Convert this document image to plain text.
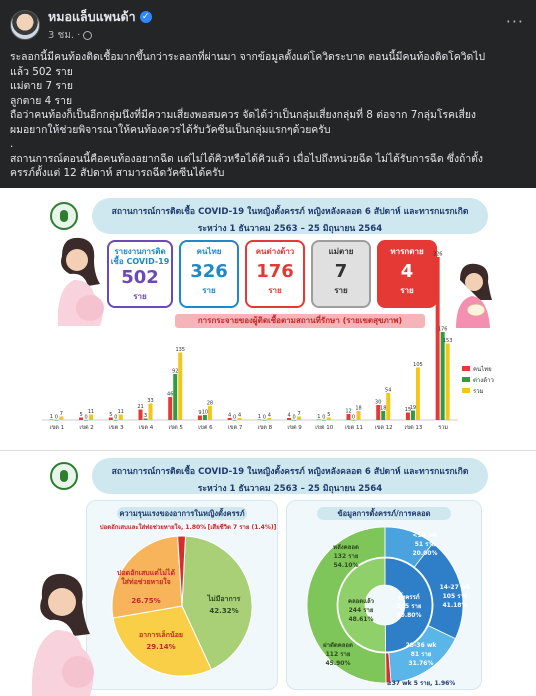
หมอแล็บแพนด้า ✓
3 ชม. ·
···

ระลอกนี้มีคนท้องติดเชื้อมากขึ้นกว่าระลอกที่ผ่านมา จากข้อมูลตั้งแต่โควิดระบาด ตอนนี้มีคนท้องติดโควิดไป

แล้ว 502 ราย

แม่ตาย 7 ราย

ลูกตาย 4 ราย

ถือว่าคนท้องก็เป็นอีกกลุ่มนึงที่มีความเสี่ยงพอสมควร จัดได้ว่าเป็นกลุ่มเสี่ยงกลุ่มที่ 8 ต่อจาก 7กลุ่มโรคเสี่ยง

ผมอยากให้ช่วยพิจารณาให้คนท้องควรได้รับวัคซีนเป็นกลุ่มแรกๆด้วยครับ

.

สถานการณ์ตอนนี้คือคนท้องอยากฉีด แต่ไม่ได้คิวหรือได้คิวแล้ว เมื่อไปถึงหน่วยฉีด ไม่ได้รับการฉีด ซึ่งถ้าตั้ง

ครรภ์ตั้งแต่ 12 สัปดาห์ สามารถฉีดวัคซีนได้ครับ

สถานการณ์การติดเชื้อ COVID-19 ในหญิงตั้งครรภ์ หญิงหลังคลอด 6 สัปดาห์ และทารกแรกเกิด
ระหว่าง 1 ธันวาคม 2563 – 25 มิถุนายน 2564
รายงานการติดเชื้อ COVID-19
502
ราย
คนไทย
326
ราย
คนต่างด้าว
176
ราย
แม่ตาย
7
ราย
ทารกตาย
4
ราย
การกระจายของผู้ติดเชื้อตามสถานที่รักษา (รายเขตสุขภาพ)
1 0
7
เขต 1
5 0
11
เขต 2
5 0
11
เขต 3
21
3
33
เขต 4
46
92
135
เขต 5
9 10
28
เขต 6
4 0 4
เขต 7
1 0 4
เขต 8
4 0
7
เขต 9
1 0 5
เขต 10
12
0
18
เขต 11
30
18
54
เขต 12
15
19
105
เขต 13
326
176
153
รวม
คนไทย
ต่างด้าว
รวม
สถานการณ์การติดเชื้อ COVID-19 ในหญิงตั้งครรภ์ หญิงหลังคลอด 6 สัปดาห์ และทารกแรกเกิด
ระหว่าง 1 ธันวาคม 2563 – 25 มิถุนายน 2564
ความรุนแรงของอาการในหญิงตั้งครรภ์
ปอดอักเสบและใส่ท่อช่วยหายใจ, 1.80% [เสียชีวิต 7 ราย (1.4%)]
ไม่มีอาการ
42.32%
ปอดอักเสบแต่ไม่ได้ใส่ท่อช่วยหายใจ
26.75%
อาการเล็กน้อย
29.14%
ข้อมูลการตั้งครรภ์/การคลอด
<14 wk
51 ราย
20.00%
14-27 wk
105 ราย
41.18%
28-36 wk
81 ราย
31.76%
หลังคลอด
132 ราย
54.10%
ตั้งครรภ์
255 ราย
50.80%
คลอดแล้ว
244 ราย
48.61%
ผ่าตัดคลอด
112 ราย
45.90%
≥37 wk 5 ราย, 1.96%
